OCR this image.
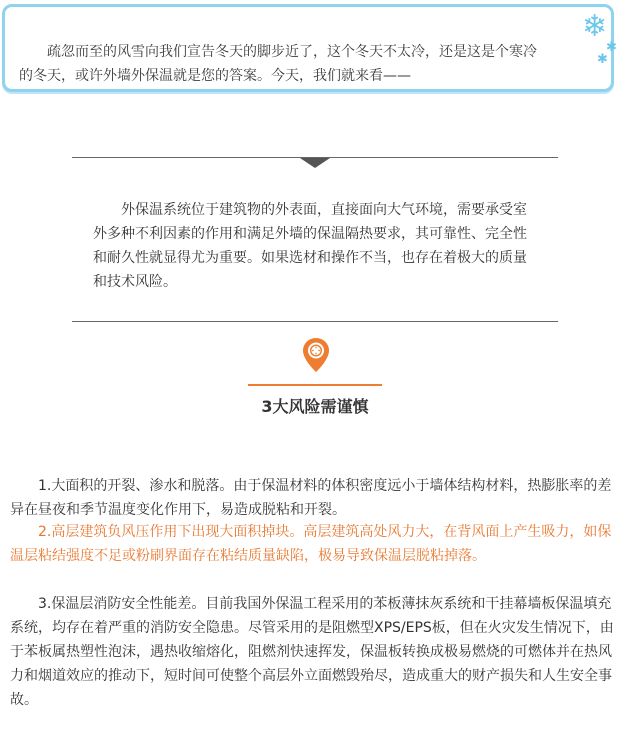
疏忽而至的风雪向我们宣告冬天的脚步近了，这个冬天不太冷，还是这是个寒冷的冬天，或许外墙外保温就是您的答案。今天，我们就来看——

❄
✱
✱

外保温系统位于建筑物的外表面，直接面向大气环境，需要承受室外多种不利因素的作用和满足外墙的保温隔热要求，其可靠性、完全性和耐久性就显得尤为重要。如果选材和操作不当，也存在着极大的质量和技术风险。

3大风险需谨慎

1.大面积的开裂、渗水和脱落。由于保温材料的体积密度远小于墙体结构材料，热膨胀率的差异在昼夜和季节温度变化作用下，易造成脱粘和开裂。

2.高层建筑负风压作用下出现大面积掉块。高层建筑高处风力大，在背风面上产生吸力，如保温层粘结强度不足或粉刷界面存在粘结质量缺陷，极易导致保温层脱粘掉落。

3.保温层消防安全性能差。目前我国外保温工程采用的苯板薄抹灰系统和干挂幕墙板保温填充系统，均存在着严重的消防安全隐患。尽管采用的是阻燃型XPS/EPS板，但在火灾发生情况下，由于苯板属热塑性泡沫，遇热收缩熔化，阻燃剂快速挥发，保温板转换成极易燃烧的可燃体并在热风力和烟道效应的推动下，短时间可使整个高层外立面燃毁殆尽，造成重大的财产损失和人生安全事故。
